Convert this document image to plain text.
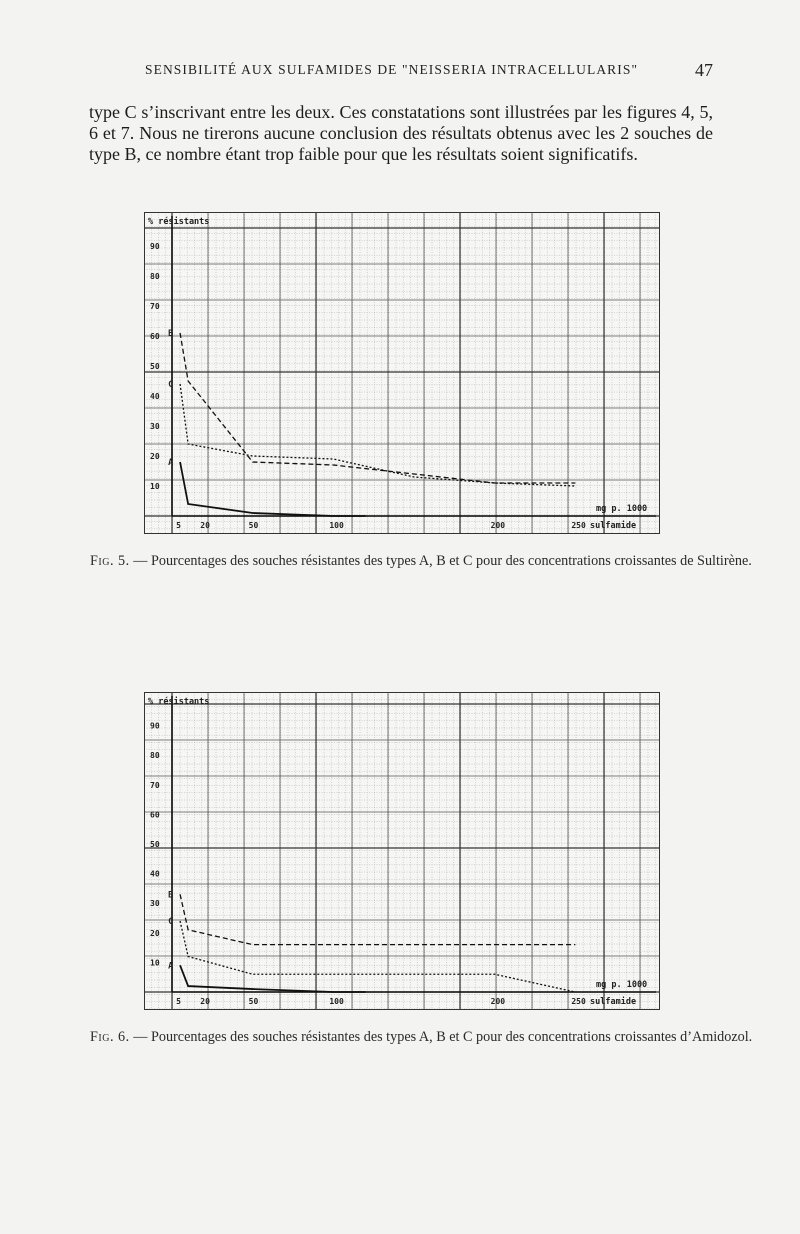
SENSIBILITÉ AUX SULFAMIDES DE "NEISSERIA INTRACELLULARIS"	47

type C s’inscrivant entre les deux. Ces constatations sont illustrées par les figures 4, 5, 6 et 7. Nous ne tirerons aucune conclusion des résultats obtenus avec les 2 souches de type B, ce nombre étant trop faible pour que les résultats soient significatifs.

10
20
30
40
50
60
70
80
90
5 20	50	100	200	250
% résistants
mg p. 1000
sulfamide
A
B
C

Fig. 5. — Pourcentages des souches résistantes des types A, B et C pour des concentrations croissantes de Sultirène.

10
20
30
40
50
60
70
80
90
5 20	50	100	200	250
% résistants
mg p. 1000
sulfamide
A
B
C

Fig. 6. — Pourcentages des souches résistantes des types A, B et C pour des concentrations croissantes d’Amidozol.
